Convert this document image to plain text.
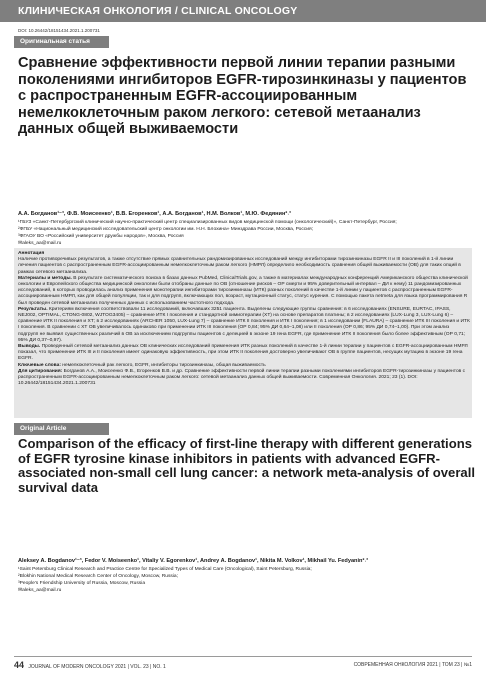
КЛИНИЧЕСКАЯ ОНКОЛОГИЯ / CLINICAL ONCOLOGY
DOI: 10.26442/18151434.2021.1.200731
Оригинальная статья
Сравнение эффективности первой линии терапии разными поколениями ингибиторов EGFR-тирозинкиназы у пациентов с распространенным EGFR-ассоциированным немелкоклеточным раком легкого: сетевой метаанализ данных общей выживаемости
А.А. Богданов¹⁻³, Ф.В. Моисеенко¹, В.В. Егоренков¹, А.А. Богданов¹, Н.М. Волков¹, М.Ю. Федянин²˒³
¹ГБУЗ «Санкт-Петербургский клинический научно-практический центр специализированных видов медицинской помощи (онкологический)», Санкт-Петербург, Россия;
²ФГБУ «Национальный медицинский исследовательский центр онкологии им. Н.Н. Блохина» Минздрава России, Москва, Россия;
³ФГАОУ ВО «Российский университет дружбы народов», Москва, Россия
✉aleks_aa@mail.ru
Аннотация
Наличие противоречивых результатов, а также отсутствие прямых сравнительных рандомизированных исследований между ингибиторами тирозинкиназы EGFR II и III поколений в 1-й линии лечения пациентов с распространенным EGFR-ассоциированным немелкоклеточным раком легкого (НМРЛ) определило необходимость сравнения общей выживаемости (ОВ) для таких опций в рамках сетевого метаанализа.
Материалы и методы. В результате систематического поиска в базах данных PubMed, ClinicalTrials.gov, а также в материалах международных конференций Американского общества клинической онкологии и Европейского общества медицинской онкологии были отобраны данные по ОВ (отношение рисков – ОР смерти и 95% доверительный интервал – ДИ к нему) 11 рандомизированных исследований, в которых проводилась анализ применения монотерапии ингибиторами тирозинкиназы (ИТК) разных поколений в качестве 1-й линии у пациентов с распространенным EGFR-ассоциированным НМРЛ, как для общей популяции, так и для подгрупп, включающих пол, возраст, мутационный статус, статус курения. С помощью пакета netmeta для языка программирования R был проведен сетевой метаанализ полученных данных с использованием частотного подхода.
Результаты. Критериям включения соответствовали 11 исследований, включавших 3251 пациента. Выделены следующие группы сравнения: в 6 исследованиях (ENSURE, EURTAC, IPASS, NEJ002, OPTIMAL, CTONG-0802, WJTOG3405) – сравнение ИТК I поколения и стандартной химиотерапии (ХТ) на основе препаратов платины; в 2 исследованиях (LUX-Lung 3, LUX-Lung 6) – сравнение ИТК II поколения и ХТ; в 2 исследованиях (ARCHER 1050, LUX-Lung 7) – сравнение ИТК II поколения и ИТК I поколения; в 1 исследовании (FLAURA) – сравнение ИТК III поколения и ИТК I поколения. В сравнении с ХТ ОВ увеличивалось одинаково при применении ИТК III поколения (ОР 0,84; 95% ДИ 0,64–1,08) или II поколения (ОР 0,86; 95% ДИ 0,74–1,00). При этом анализ подгрупп не выявил существенных различий в ОВ за исключением подгруппы пациентов с делецией в экзоне 19 гена EGFR, где применение ИТК II поколения было более эффективным (ОР 0,71; 95% ДИ 0,37–0,97).
Выводы. Проведенный сетевой метаанализ данных ОВ клинических исследований применения ИТК разных поколений в качестве 1-й линии терапии у пациентов с EGFR-ассоциированным НМРЛ показал, что применение ИТК III и II поколения имеет одинаковую эффективность, при этом ИТК II поколения достоверно увеличивают ОВ в группе пациентов, несущих мутацию в экзоне 19 гена EGFR.
Ключевые слова: немелкоклеточный рак легкого, EGFR, ингибиторы тирозинкиназы, общая выживаемость
Для цитирования: Богданов А.А., Моисеенко Ф.В., Егоренков В.В. и др. Сравнение эффективности первой линии терапии разными поколениями ингибиторов EGFR-тирозинкиназы у пациентов с распространенным EGFR-ассоциированным немелкоклеточным раком легкого: сетевой метаанализ данных общей выживаемости. Современная Онкология. 2021; 23 (1). DOI: 10.26442/18151434.2021.1.200731
Original Article
Comparison of the efficacy of first-line therapy with different generations of EGFR tyrosine kinase inhibitors in patients with advanced EGFR-associated non-small cell lung cancer: a network meta-analysis of overall survival data
Aleksey A. Bogdanov¹⁻³, Fedor V. Moiseenko¹, Vitaliy V. Egorenkov¹, Andrey A. Bogdanov¹, Nikita M. Volkov¹, Mikhail Yu. Fedyanin²˒³
¹Saint Petersburg Clinical Research and Practice Centre for Specialized Types of Medical Care (Oncological), Saint Petersburg, Russia;
²Blokhin National Medical Research Center of Oncology, Moscow, Russia;
³People's Friendship University of Russia, Moscow, Russia
✉aleks_aa@mail.ru
44 JOURNAL OF MODERN ONCOLOGY 2021 | VOL. 23 | NO. 1	СОВРЕМЕННАЯ ОНКОЛОГИЯ 2021 | ТОМ 23 | №1
